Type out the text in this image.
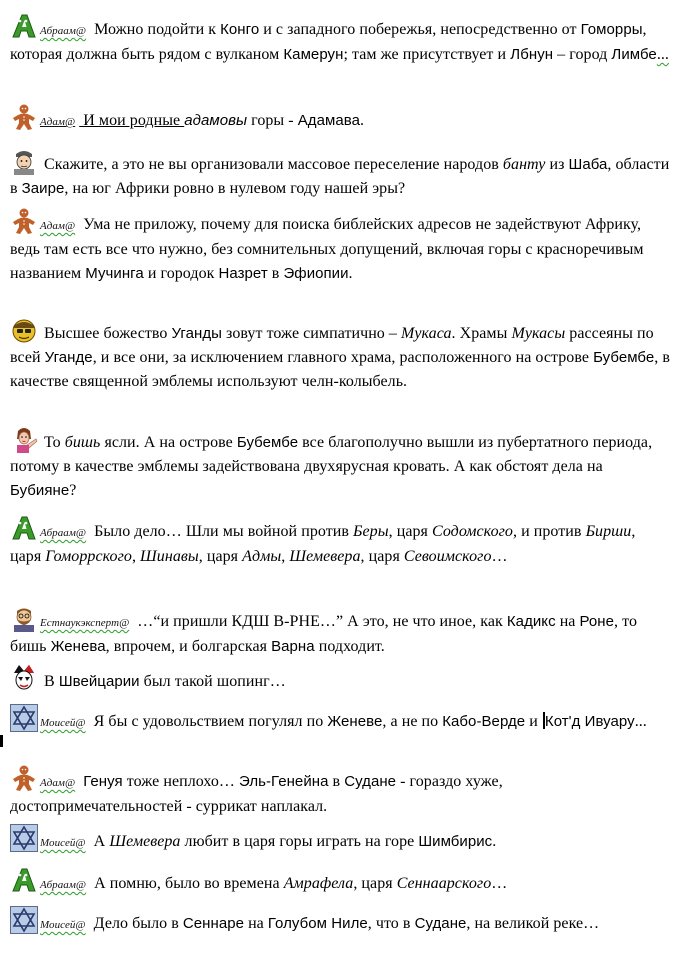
Абраам@ Можно подойти к Конго и с западного побережья, непосредственно от Гоморры, которая должна быть рядом с вулканом Камерун; там же присутствует и Лбнун – город Лимбе...
Адам@ И мои родные адамовы горы - Адамава.
Скажите, а это не вы организовали массовое переселение народов банту из Шаба, области в Заире, на юг Африки ровно в нулевом году нашей эры?
Адам@ Ума не приложу, почему для поиска библейских адресов не задействуют Африку, ведь там есть все что нужно, без сомнительных допущений, включая горы с красноречивым названием Мучинга и городок Назрет в Эфиопии.
Высшее божество Уганды зовут тоже симпатично – Мукаса. Храмы Мукасы рассеяны по всей Уганде, и все они, за исключением главного храма, расположенного на острове Бубембе, в качестве священной эмблемы используют челн-колыбель.
То бишь ясли. А на острове Бубембе все благополучно вышли из пубертатного периода, потому в качестве эмблемы задействована двухярусная кровать. А как обстоят дела на Бубияне?
Абраам@ Было дело… Шли мы войной против Беры, царя Содомского, и против Бирши, царя Гоморрского, Шинавы, царя Адмы, Шемевера, царя Севоимского…
Естнаукэксперт@ …“и пришли КДШ В-РНЕ…” А это, не что иное, как Кадикс на Роне, то бишь Женева, впрочем, и болгарская Варна подходит.
В Швейцарии был такой шопинг…
Моисей@ Я бы с удовольствием погулял по Женеве, а не по Кабо-Верде и Кот'д Ивуару...
Адам@ Генуя тоже неплохо… Эль-Генейна в Судане - гораздо хуже, достопримечательностей - суррикат наплакал.
Моисей@ А Шемевера любит в царя горы играть на горе Шимбирис.
Абраам@ А помню, было во времена Амрафела, царя Сеннаарского…
Моисей@ Дело было в Сеннаре на Голубом Ниле, что в Судане, на великой реке…
